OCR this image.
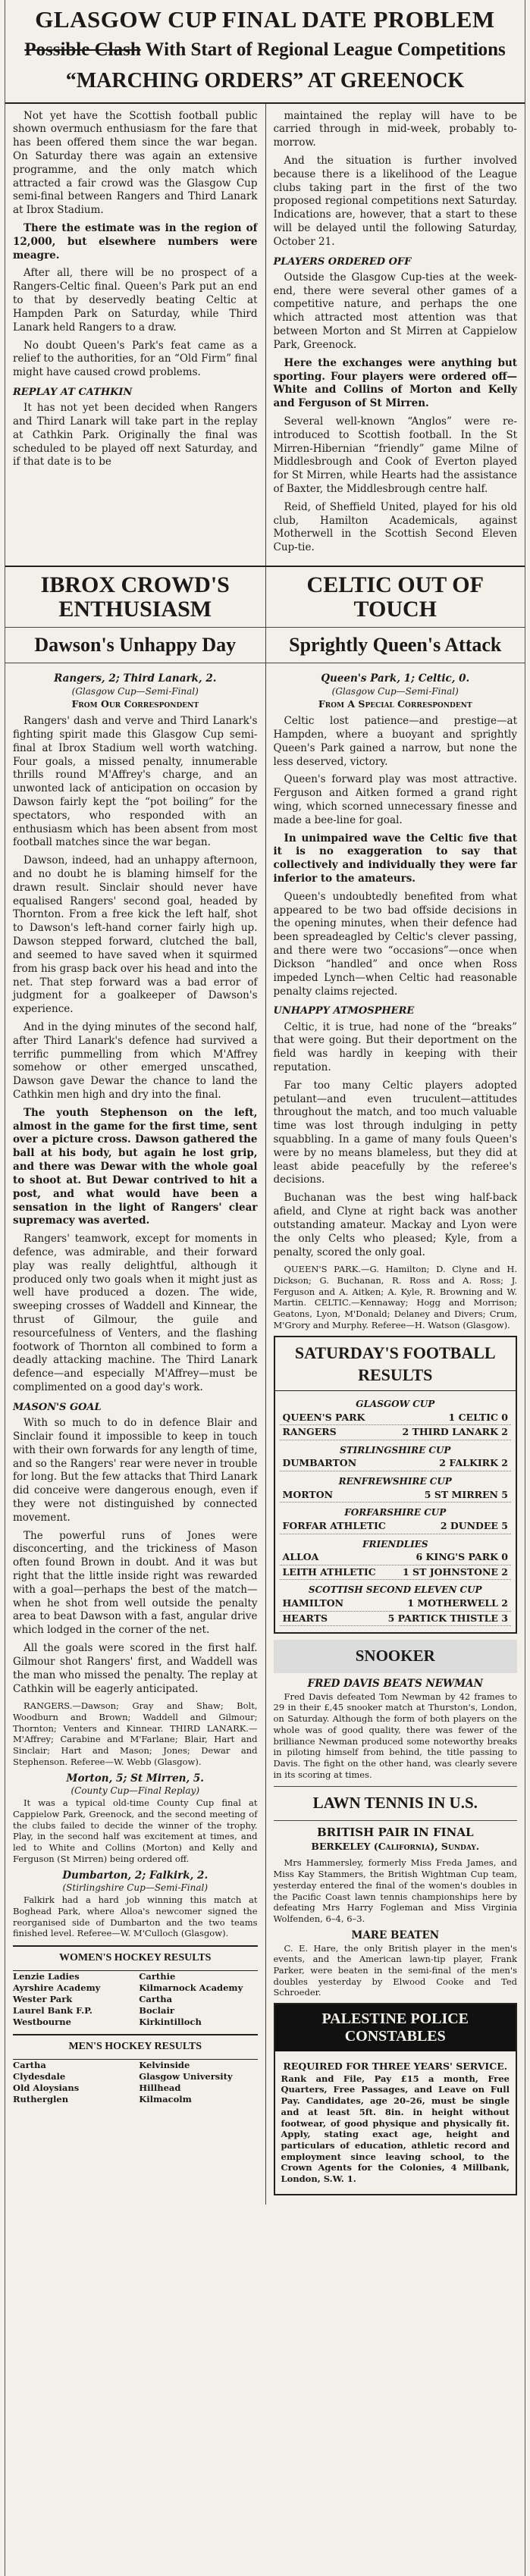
GLASGOW CUP FINAL DATE PROBLEM
Possible Clash With Start of Regional League Competitions
“MARCHING ORDERS” AT GREENOCK

Not yet have the Scottish football public shown overmuch enthusiasm for the fare that has been offered them since the war began. On Saturday there was again an extensive programme, and the only match which attracted a fair crowd was the Glasgow Cup semi-final between Rangers and Third Lanark at Ibrox Stadium.

There the estimate was in the region of 12,000, but elsewhere numbers were meagre.

After all, there will be no prospect of a Rangers-Celtic final. Queen's Park put an end to that by deservedly beating Celtic at Hampden Park on Saturday, while Third Lanark held Rangers to a draw.

No doubt Queen's Park's feat came as a relief to the authorities, for an “Old Firm” final might have caused crowd problems.

REPLAY AT CATHKIN

It has not yet been decided when Rangers and Third Lanark will take part in the replay at Cathkin Park. Originally the final was scheduled to be played off next Saturday, and if that date is to be

maintained the replay will have to be carried through in mid-week, probably to-morrow.

And the situation is further involved because there is a likelihood of the League clubs taking part in the first of the two proposed regional competitions next Saturday. Indications are, however, that a start to these will be delayed until the following Saturday, October 21.

PLAYERS ORDERED OFF

Outside the Glasgow Cup-ties at the week-end, there were several other games of a competitive nature, and perhaps the one which attracted most attention was that between Morton and St Mirren at Cappielow Park, Greenock.

Here the exchanges were anything but sporting. Four players were ordered off—White and Collins of Morton and Kelly and Ferguson of St Mirren.

Several well-known “Anglos” were re-introduced to Scottish football. In the St Mirren-Hibernian “friendly” game Milne of Middlesbrough and Cook of Everton played for St Mirren, while Hearts had the assistance of Baxter, the Middlesbrough centre half.

Reid, of Sheffield United, played for his old club, Hamilton Academicals, against Motherwell in the Scottish Second Eleven Cup-tie.

IBROX CROWD'S ENTHUSIASM
Dawson's Unhappy Day
Rangers, 2; Third Lanark, 2.
(Glasgow Cup—Semi-Final)
From Our Correspondent

Rangers' dash and verve and Third Lanark's fighting spirit made this Glasgow Cup semi-final at Ibrox Stadium well worth watching. Four goals, a missed penalty, innumerable thrills round M'Affrey's charge, and an unwonted lack of anticipation on occasion by Dawson fairly kept the “pot boiling” for the spectators, who responded with an enthusiasm which has been absent from most football matches since the war began.

Dawson, indeed, had an unhappy afternoon, and no doubt he is blaming himself for the drawn result. Sinclair should never have equalised Rangers' second goal, headed by Thornton. From a free kick the left half, shot to Dawson's left-hand corner fairly high up. Dawson stepped forward, clutched the ball, and seemed to have saved when it squirmed from his grasp back over his head and into the net. That step forward was a bad error of judgment for a goalkeeper of Dawson's experience.

And in the dying minutes of the second half, after Third Lanark's defence had survived a terrific pummelling from which M'Affrey somehow or other emerged unscathed, Dawson gave Dewar the chance to land the Cathkin men high and dry into the final.

The youth Stephenson on the left, almost in the game for the first time, sent over a picture cross. Dawson gathered the ball at his body, but again he lost grip, and there was Dewar with the whole goal to shoot at. But Dewar contrived to hit a post, and what would have been a sensation in the light of Rangers' clear supremacy was averted.

Rangers' teamwork, except for moments in defence, was admirable, and their forward play was really delightful, although it produced only two goals when it might just as well have produced a dozen. The wide, sweeping crosses of Waddell and Kinnear, the thrust of Gilmour, the guile and resourcefulness of Venters, and the flashing footwork of Thornton all combined to form a deadly attacking machine. The Third Lanark defence—and especially M'Affrey—must be complimented on a good day's work.

MASON'S GOAL

With so much to do in defence Blair and Sinclair found it impossible to keep in touch with their own forwards for any length of time, and so the Rangers' rear were never in trouble for long. But the few attacks that Third Lanark did conceive were dangerous enough, even if they were not distinguished by connected movement.

The powerful runs of Jones were disconcerting, and the trickiness of Mason often found Brown in doubt. And it was but right that the little inside right was rewarded with a goal—perhaps the best of the match—when he shot from well outside the penalty area to beat Dawson with a fast, angular drive which lodged in the corner of the net.

All the goals were scored in the first half. Gilmour shot Rangers' first, and Waddell was the man who missed the penalty. The replay at Cathkin will be eagerly anticipated.

RANGERS.—Dawson; Gray and Shaw; Bolt, Woodburn and Brown; Waddell and Gilmour; Thornton; Venters and Kinnear. THIRD LANARK.—M'Affrey; Carabine and M'Farlane; Blair, Hart and Sinclair; Hart and Mason; Jones; Dewar and Stephenson. Referee—W. Webb (Glasgow).

Morton, 5; St Mirren, 5.
(County Cup—Final Replay)

It was a typical old-time County Cup final at Cappielow Park, Greenock, and the second meeting of the clubs failed to decide the winner of the trophy. Play, in the second half was excitement at times, and led to White and Collins (Morton) and Kelly and Ferguson (St Mirren) being ordered off.

Dumbarton, 2; Falkirk, 2.
(Stirlingshire Cup—Semi-Final)

Falkirk had a hard job winning this match at Boghead Park, where Alloa's newcomer signed the reorganised side of Dumbarton and the two teams finished level. Referee—W. M'Culloch (Glasgow).

WOMEN'S HOCKEY RESULTS
Lenzie Ladies	Carthie
Ayrshire Academy	Kilmarnock Academy
Wester Park	Cartha
Laurel Bank F.P.	Boclair
Westbourne	Kirkintilloch
MEN'S HOCKEY RESULTS
Cartha	Kelvinside
Clydesdale	Glasgow University
Old Aloysians	Hillhead
Rutherglen	Kilmacolm
CELTIC OUT OF TOUCH
Sprightly Queen's Attack
Queen's Park, 1; Celtic, 0.
(Glasgow Cup—Semi-Final)
From A Special Correspondent

Celtic lost patience—and prestige—at Hampden, where a buoyant and sprightly Queen's Park gained a narrow, but none the less deserved, victory.

Queen's forward play was most attractive. Ferguson and Aitken formed a grand right wing, which scorned unnecessary finesse and made a bee-line for goal.

In unimpaired wave the Celtic five that it is no exaggeration to say that collectively and individually they were far inferior to the amateurs.

Queen's undoubtedly benefited from what appeared to be two bad offside decisions in the opening minutes, when their defence had been spreadeagled by Celtic's clever passing, and there were two “occasions”—once when Dickson “handled” and once when Ross impeded Lynch—when Celtic had reasonable penalty claims rejected.

UNHAPPY ATMOSPHERE

Celtic, it is true, had none of the “breaks” that were going. But their deportment on the field was hardly in keeping with their reputation.

Far too many Celtic players adopted petulant—and even truculent—attitudes throughout the match, and too much valuable time was lost through indulging in petty squabbling. In a game of many fouls Queen's were by no means blameless, but they did at least abide peacefully by the referee's decisions.

Buchanan was the best wing half-back afield, and Clyne at right back was another outstanding amateur. Mackay and Lyon were the only Celts who pleased; Kyle, from a penalty, scored the only goal.

QUEEN'S PARK.—G. Hamilton; D. Clyne and H. Dickson; G. Buchanan, R. Ross and A. Ross; J. Ferguson and A. Aitken; A. Kyle, R. Browning and W. Martin. CELTIC.—Kennaway; Hogg and Morrison; Geatons, Lyon, M'Donald; Delaney and Divers; Crum, M'Grory and Murphy. Referee—H. Watson (Glasgow).

SATURDAY'S FOOTBALL RESULTS
GLASGOW CUP
QUEEN'S PARK	1 CELTIC 0
RANGERS	2 THIRD LANARK 2
STIRLINGSHIRE CUP
DUMBARTON	2 FALKIRK 2
RENFREWSHIRE CUP
MORTON	5 ST MIRREN 5
FORFARSHIRE CUP
FORFAR ATHLETIC	2 DUNDEE 5
FRIENDLIES
ALLOA	6 KING'S PARK 0
LEITH ATHLETIC	1 ST JOHNSTONE 2
SCOTTISH SECOND ELEVEN CUP
HAMILTON	1 MOTHERWELL 2
HEARTS	5 PARTICK THISTLE 3
SNOOKER
FRED DAVIS BEATS NEWMAN

Fred Davis defeated Tom Newman by 42 frames to 29 in their £,45 snooker match at Thurston's, London, on Saturday. Although the form of both players on the whole was of good quality, there was fewer of the brilliance Newman produced some noteworthy breaks in piloting himself from behind, the title passing to Davis. The fight on the other hand, was clearly severe in its scoring at times.

LAWN TENNIS IN U.S.
BRITISH PAIR IN FINAL
BERKELEY (California), Sunday.

Mrs Hammersley, formerly Miss Freda James, and Miss Kay Stammers, the British Wightman Cup team, yesterday entered the final of the women's doubles in the Pacific Coast lawn tennis championships here by defeating Mrs Harry Fogleman and Miss Virginia Wolfenden, 6–4, 6–3.

MARE BEATEN

C. E. Hare, the only British player in the men's events, and the American lawn-tip player, Frank Parker, were beaten in the semi-final of the men's doubles yesterday by Elwood Cooke and Ted Schroeder.

PALESTINE POLICE CONSTABLES
REQUIRED FOR THREE YEARS' SERVICE.

Rank and File, Pay £15 a month, Free Quarters, Free Passages, and Leave on Full Pay. Candidates, age 20–26, must be single and at least 5ft. 8in. in height without footwear, of good physique and physically fit. Apply, stating exact age, height and particulars of education, athletic record and employment since leaving school, to the Crown Agents for the Colonies, 4 Millbank, London, S.W. 1.
